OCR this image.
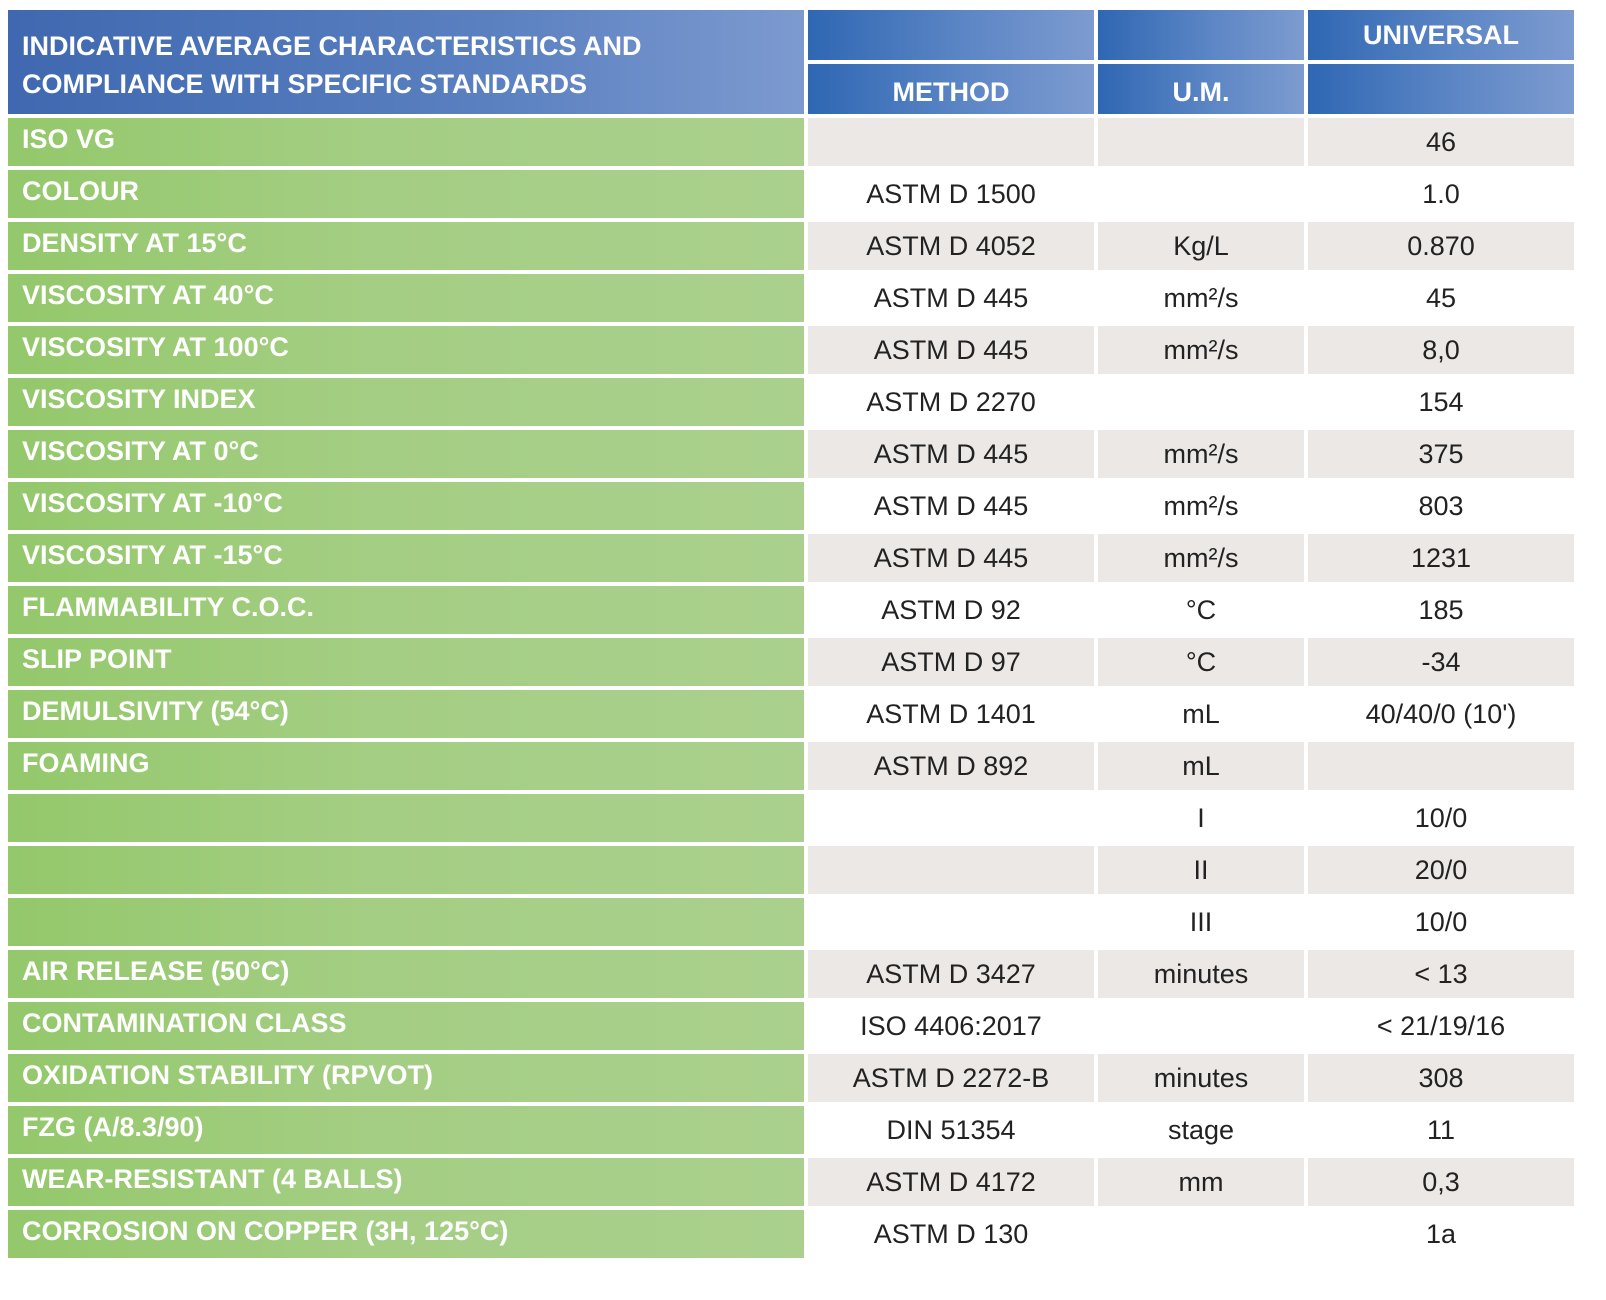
INDICATIVE AVERAGE CHARACTERISTICS AND
COMPLIANCE WITH SPECIFIC STANDARDS			UNIVERSAL
	METHOD	U.M.	
ISO VG			46
COLOUR	ASTM D 1500		1.0
DENSITY AT 15°C	ASTM D 4052	Kg/L	0.870
VISCOSITY AT 40°C	ASTM D 445	mm²/s	45
VISCOSITY AT 100°C	ASTM D 445	mm²/s	8,0
VISCOSITY INDEX	ASTM D 2270		154
VISCOSITY AT 0°C	ASTM D 445	mm²/s	375
VISCOSITY AT -10°C	ASTM D 445	mm²/s	803
VISCOSITY AT -15°C	ASTM D 445	mm²/s	1231
FLAMMABILITY C.O.C.	ASTM D 92	°C	185
SLIP POINT	ASTM D 97	°C	-34
DEMULSIVITY (54°C)	ASTM D 1401	mL	40/40/0 (10')
FOAMING	ASTM D 892	mL	
		I	10/0
		II	20/0
		III	10/0
AIR RELEASE (50°C)	ASTM D 3427	minutes	< 13
CONTAMINATION CLASS	ISO 4406:2017		< 21/19/16
OXIDATION STABILITY (RPVOT)	ASTM D 2272-B	minutes	308
FZG (A/8.3/90)	DIN 51354	stage	11
WEAR-RESISTANT (4 BALLS)	ASTM D 4172	mm	0,3
CORROSION ON COPPER (3H, 125°C)	ASTM D 130		1a
